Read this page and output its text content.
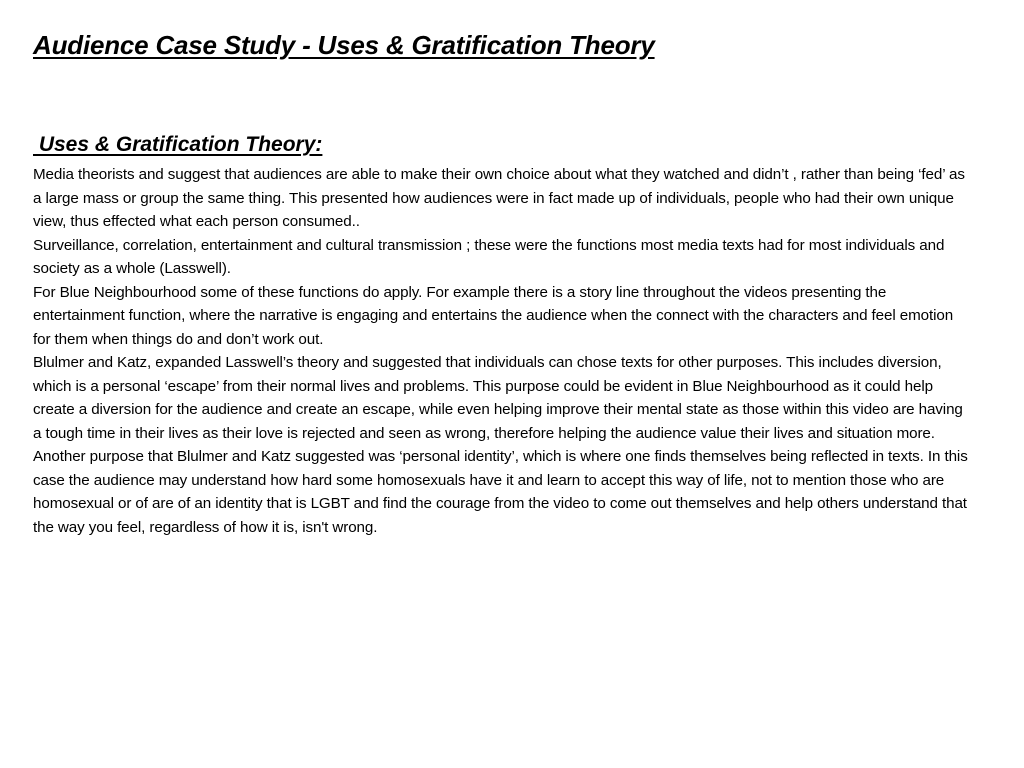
Audience Case Study - Uses & Gratification Theory
Uses & Gratification Theory:

Media theorists and suggest that audiences are able to make their own choice about what they watched and didn’t , rather than being ‘fed’ as a large mass or group the same thing. This presented how audiences were in fact made up of individuals, people who had their own unique view, thus effected what each person consumed..

Surveillance, correlation, entertainment and cultural transmission ; these were the functions most media texts had for most individuals and society as a whole (Lasswell).

For Blue Neighbourhood some of these functions do apply. For example there is a story line throughout the videos presenting the entertainment function, where the narrative is engaging and entertains the audience when the connect with the characters and feel emotion for them when things do and don’t work out.

Blulmer and Katz, expanded Lasswell’s theory and suggested that individuals can chose texts for other purposes. This includes diversion, which is a personal ‘escape’ from their normal lives and problems. This purpose could be evident in Blue Neighbourhood as it could help create a diversion for the audience and create an escape, while even helping improve their mental state as those within this video are having a tough time in their lives as their love is rejected and seen as wrong, therefore helping the audience value their lives and situation more.

Another purpose that Blulmer and Katz suggested was ‘personal identity’, which is where one finds themselves being reflected in texts. In this case the audience may understand how hard some homosexuals have it and learn to accept this way of life, not to mention those who are homosexual or of are of an identity that is LGBT and find the courage from the video to come out themselves and help others understand that the way you feel, regardless of how it is, isn't wrong.
